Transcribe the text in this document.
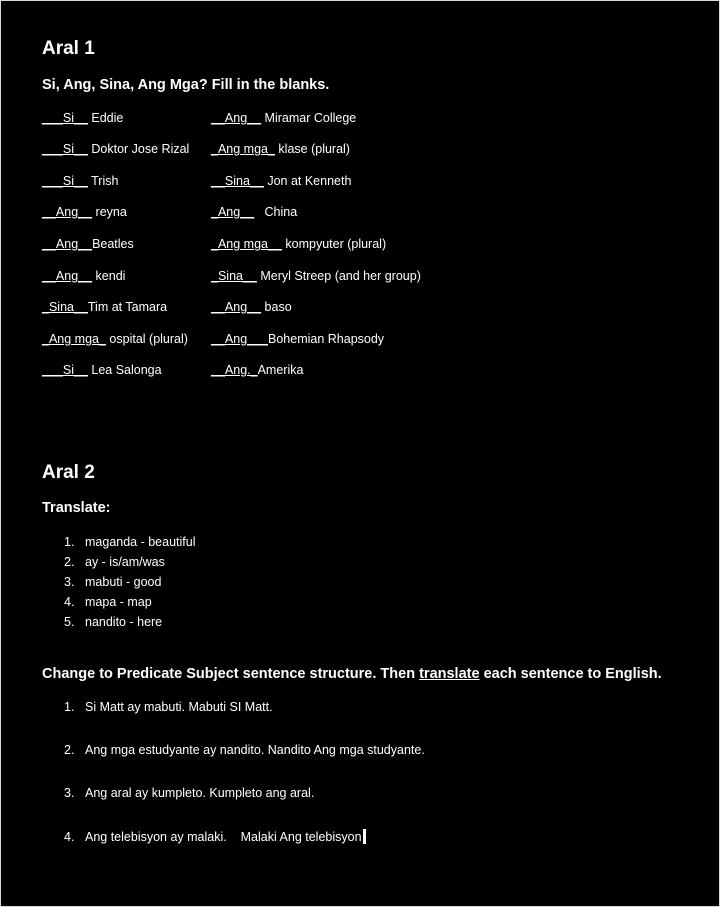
Aral 1
Si, Ang, Sina, Ang Mga? Fill in the blanks.
___Si__ Eddie	__Ang__ Miramar College
___Si__ Doktor Jose Rizal _Ang mga_ klase (plural)
___Si__ Trish	__Sina__ Jon at Kenneth
__Ang__ reyna	_Ang__ China
__Ang__Beatles	_Ang mga__ kompyuter (plural)
__Ang__ kendi	_Sina__ Meryl Streep (and her group)
_Sina__Tim at Tamara	__Ang__ baso
_Ang mga_ ospital (plural) __Ang___Bohemian Rhapsody
___Si__ Lea Salonga	__Ang._Amerika
Aral 2
Translate:
1. maganda - beautiful
2. ay - is/am/was
3. mabuti - good
4. mapa - map
5. nandito - here
Change to Predicate Subject sentence structure. Then translate each sentence to English.
1. Si Matt ay mabuti. Mabuti SI Matt.
2. Ang mga estudyante ay nandito. Nandito Ang mga studyante.
3. Ang aral ay kumpleto. Kumpleto ang aral.
4. Ang telebisyon ay malaki.    Malaki Ang telebisyon
